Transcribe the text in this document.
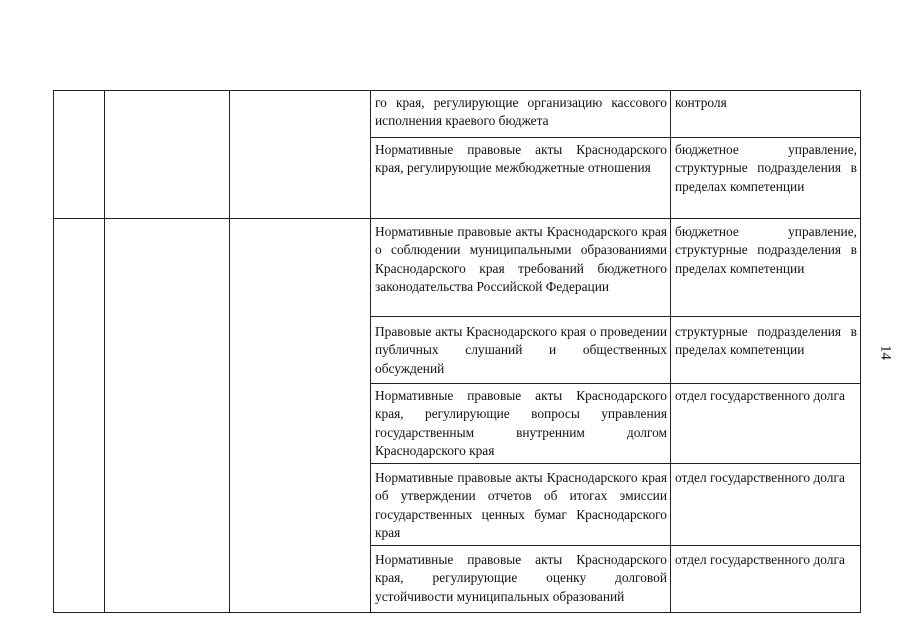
го края, регулирующие организацию кассового исполнения краевого бюджета
контроля
Нормативные правовые акты Краснодарского края, регулирующие межбюджетные отношения
бюджетное управление, структурные подразделения в пределах компетенции
Нормативные правовые акты Краснодарского края о соблюдении муниципальными образованиями Краснодарского края требований бюджетного законодательства Российской Федерации
бюджетное управление, структурные подразделения в пределах компетенции
Правовые акты Краснодарского края о проведении публичных слушаний и общественных обсуждений
структурные подразделения в пределах компетенции
Нормативные правовые акты Краснодарского края, регулирующие вопросы управления государственным внутренним долгом Краснодарского края
отдел государственного долга
Нормативные правовые акты Краснодарского края об утверждении отчетов об итогах эмиссии государственных ценных бумаг Краснодарского края
отдел государственного долга
Нормативные правовые акты Краснодарского края, регулирующие оценку долговой устойчивости муниципальных образований
отдел государственного долга
14
